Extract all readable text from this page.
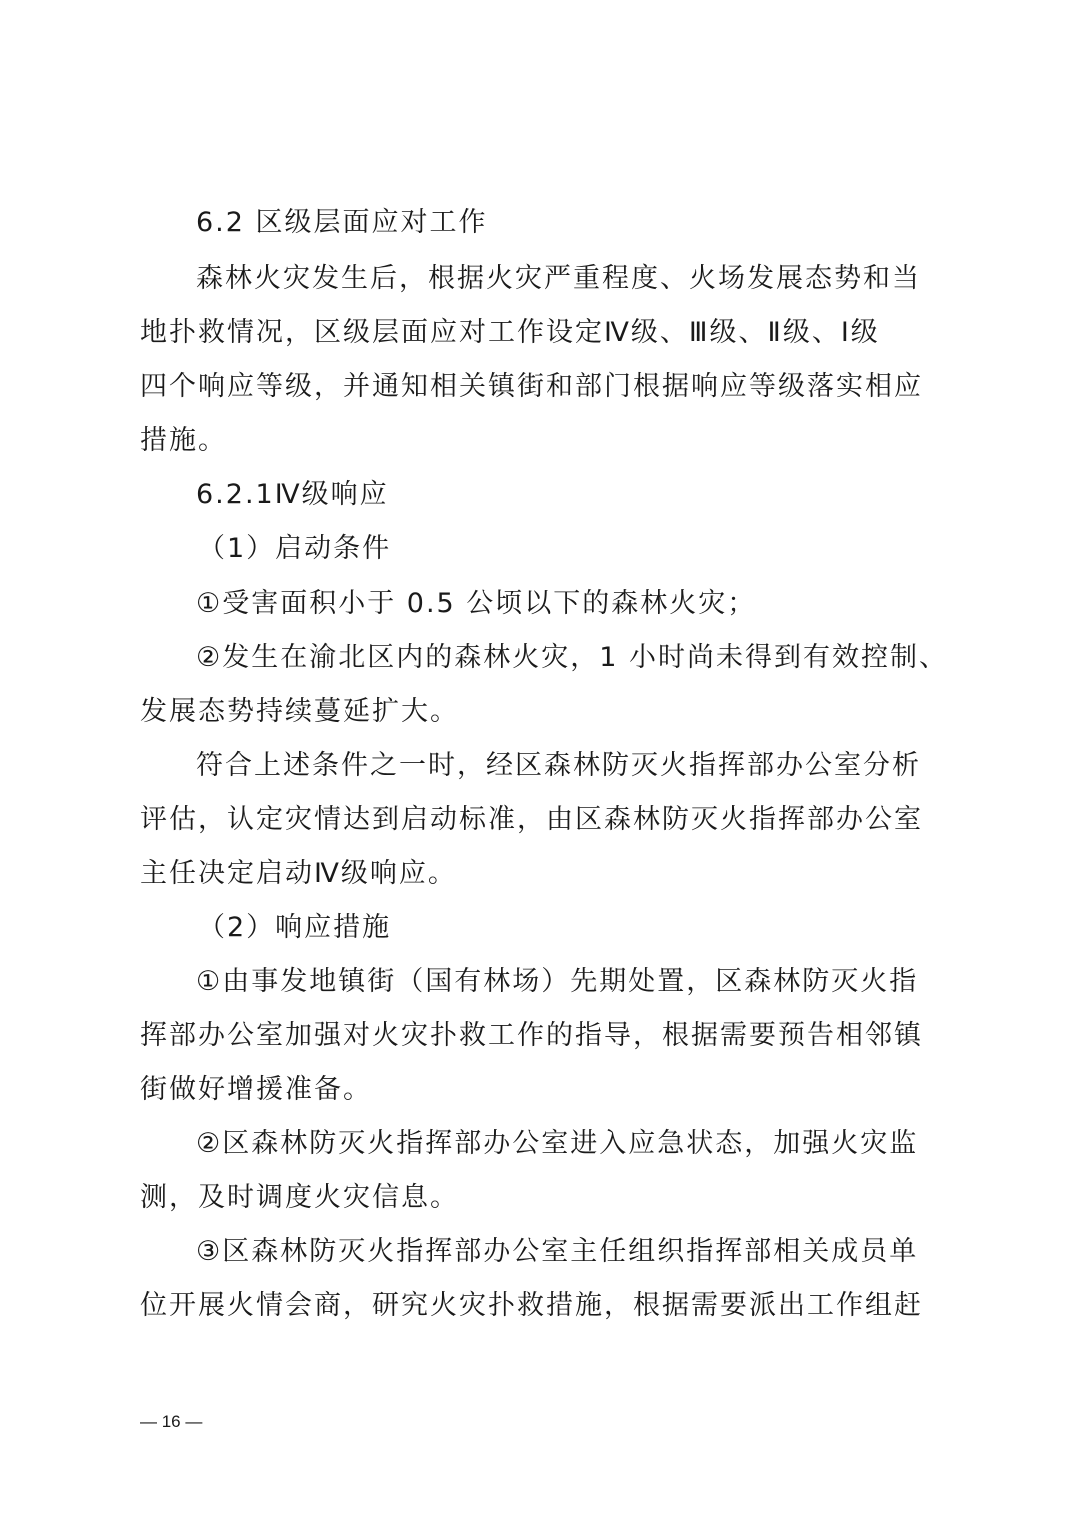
6.2 区级层面应对工作
森林火灾发生后，根据火灾严重程度、火场发展态势和当
地扑救情况，区级层面应对工作设定Ⅳ级、Ⅲ级、Ⅱ级、Ⅰ级
四个响应等级，并通知相关镇街和部门根据响应等级落实相应
措施。
6.2.1Ⅳ级响应
（1）启动条件
①受害面积小于 0.5 公顷以下的森林火灾；
②发生在渝北区内的森林火灾，1 小时尚未得到有效控制、
发展态势持续蔓延扩大。
符合上述条件之一时，经区森林防灭火指挥部办公室分析
评估，认定灾情达到启动标准，由区森林防灭火指挥部办公室
主任决定启动Ⅳ级响应。
（2）响应措施
①由事发地镇街（国有林场）先期处置，区森林防灭火指
挥部办公室加强对火灾扑救工作的指导，根据需要预告相邻镇
街做好增援准备。
②区森林防灭火指挥部办公室进入应急状态，加强火灾监
测，及时调度火灾信息。
③区森林防灭火指挥部办公室主任组织指挥部相关成员单
位开展火情会商，研究火灾扑救措施，根据需要派出工作组赶
— 16 —
